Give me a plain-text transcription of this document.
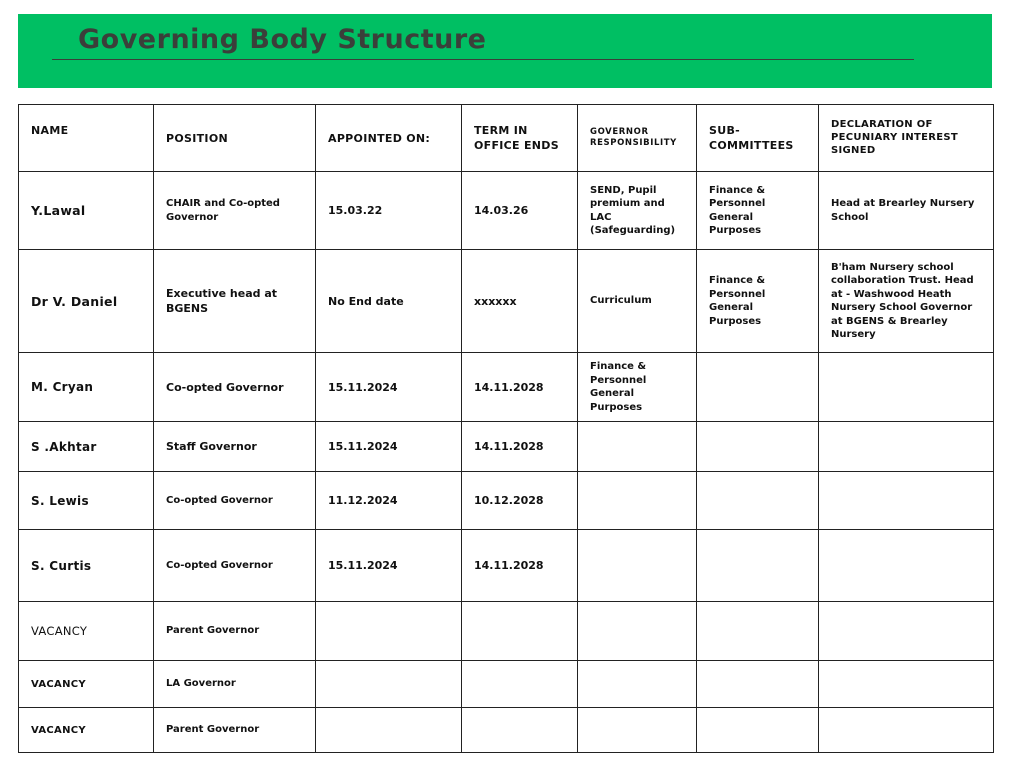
Governing Body Structure
NAME	POSITION	APPOINTED ON:	TERM IN OFFICE ENDS	GOVERNOR RESPONSIBILITY	SUB-COMMITTEES	DECLARATION OF PECUNIARY INTEREST SIGNED
Y.Lawal	CHAIR and Co-opted Governor	15.03.22	14.03.26	SEND, Pupil premium and LAC (Safeguarding)	Finance & Personnel General Purposes	Head at Brearley Nursery School
Dr V. Daniel	Executive head at BGENS	No End date	xxxxxx	Curriculum	Finance & Personnel General Purposes	B'ham Nursery school collaboration Trust. Head at - Washwood Heath Nursery School Governor at BGENS & Brearley Nursery
M. Cryan	Co-opted Governor	15.11.2024	14.11.2028	Finance & Personnel General Purposes		
S .Akhtar	Staff Governor	15.11.2024	14.11.2028			
S. Lewis	Co-opted Governor	11.12.2024	10.12.2028			
S. Curtis	Co-opted Governor	15.11.2024	14.11.2028			
VACANCY	Parent Governor					
VACANCY	LA Governor					
VACANCY	Parent Governor					
